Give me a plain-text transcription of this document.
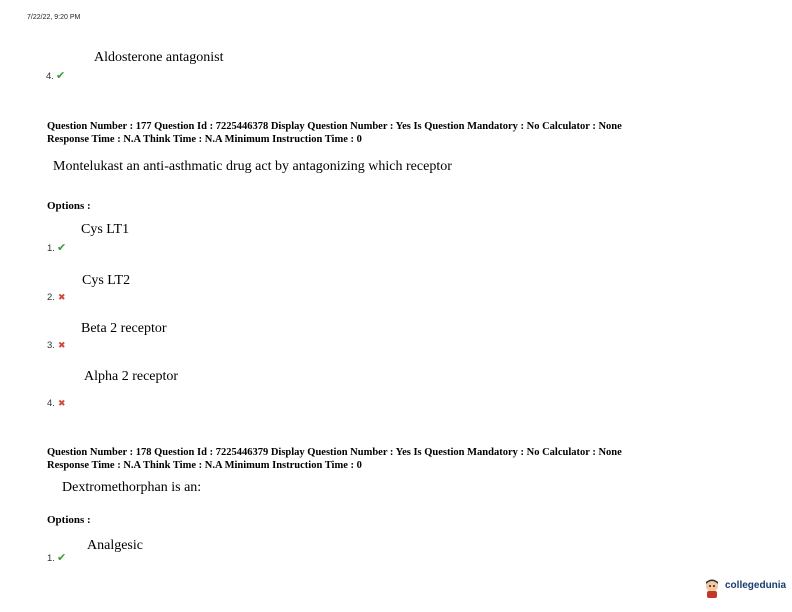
7/22/22, 9:20 PM
Aldosterone antagonist
4. ✔
Question Number : 177 Question Id : 7225446378 Display Question Number : Yes Is Question Mandatory : No Calculator : None
Response Time : N.A Think Time : N.A Minimum Instruction Time : 0
Montelukast an anti-asthmatic drug act by antagonizing which receptor
Options :
Cys LT1
1. ✔
Cys LT2
2. ✖
Beta 2 receptor
3. ✖
Alpha 2 receptor
4. ✖
Question Number : 178 Question Id : 7225446379 Display Question Number : Yes Is Question Mandatory : No Calculator : None
Response Time : N.A Think Time : N.A Minimum Instruction Time : 0
Dextromethorphan is an:
Options :
Analgesic
1. ✔
collegedunia
